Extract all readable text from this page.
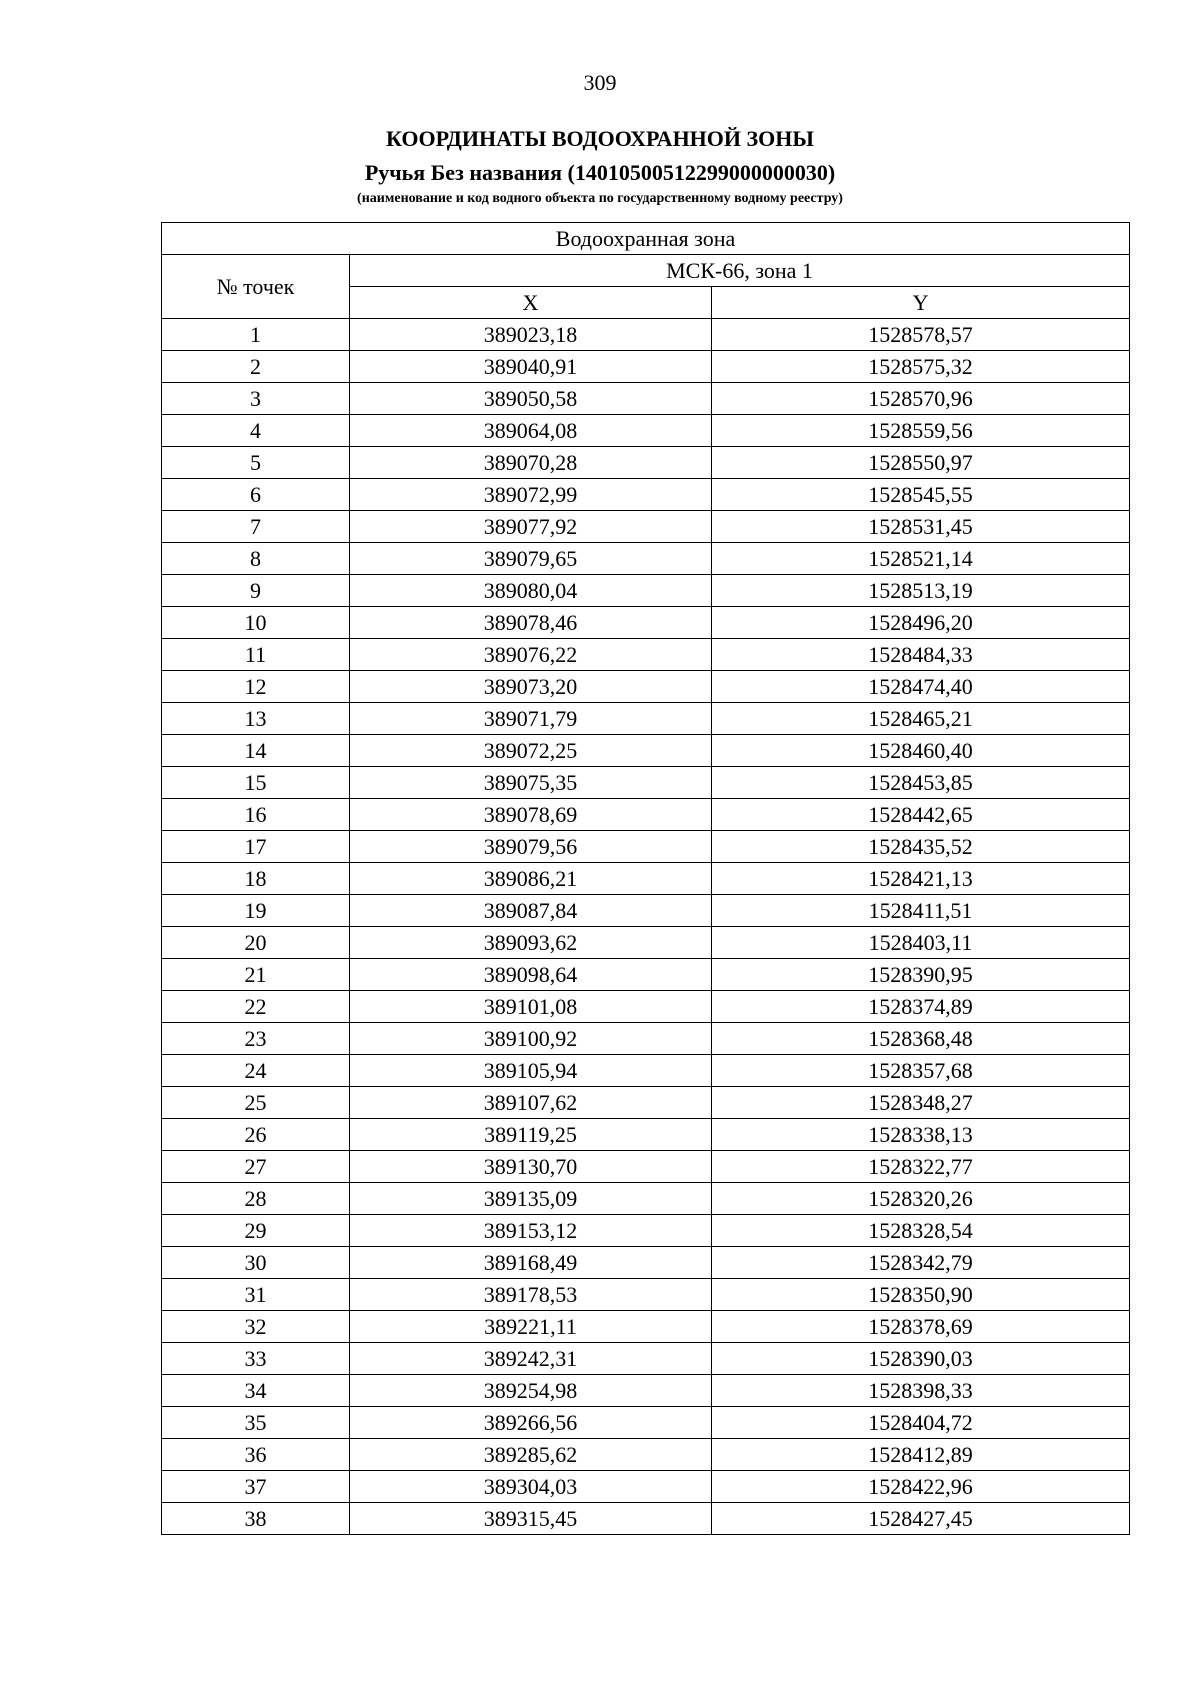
309
КООРДИНАТЫ ВОДООХРАННОЙ ЗОНЫ
Ручья Без названия (14010500512299000000030)
(наименование и код водного объекта по государственному водному реестру)
Водоохранная зона		
№ точек	МСК-66, зона 1	
	X	Y
1	389023,18	1528578,57
2	389040,91	1528575,32
3	389050,58	1528570,96
4	389064,08	1528559,56
5	389070,28	1528550,97
6	389072,99	1528545,55
7	389077,92	1528531,45
8	389079,65	1528521,14
9	389080,04	1528513,19
10	389078,46	1528496,20
11	389076,22	1528484,33
12	389073,20	1528474,40
13	389071,79	1528465,21
14	389072,25	1528460,40
15	389075,35	1528453,85
16	389078,69	1528442,65
17	389079,56	1528435,52
18	389086,21	1528421,13
19	389087,84	1528411,51
20	389093,62	1528403,11
21	389098,64	1528390,95
22	389101,08	1528374,89
23	389100,92	1528368,48
24	389105,94	1528357,68
25	389107,62	1528348,27
26	389119,25	1528338,13
27	389130,70	1528322,77
28	389135,09	1528320,26
29	389153,12	1528328,54
30	389168,49	1528342,79
31	389178,53	1528350,90
32	389221,11	1528378,69
33	389242,31	1528390,03
34	389254,98	1528398,33
35	389266,56	1528404,72
36	389285,62	1528412,89
37	389304,03	1528422,96
38	389315,45	1528427,45
